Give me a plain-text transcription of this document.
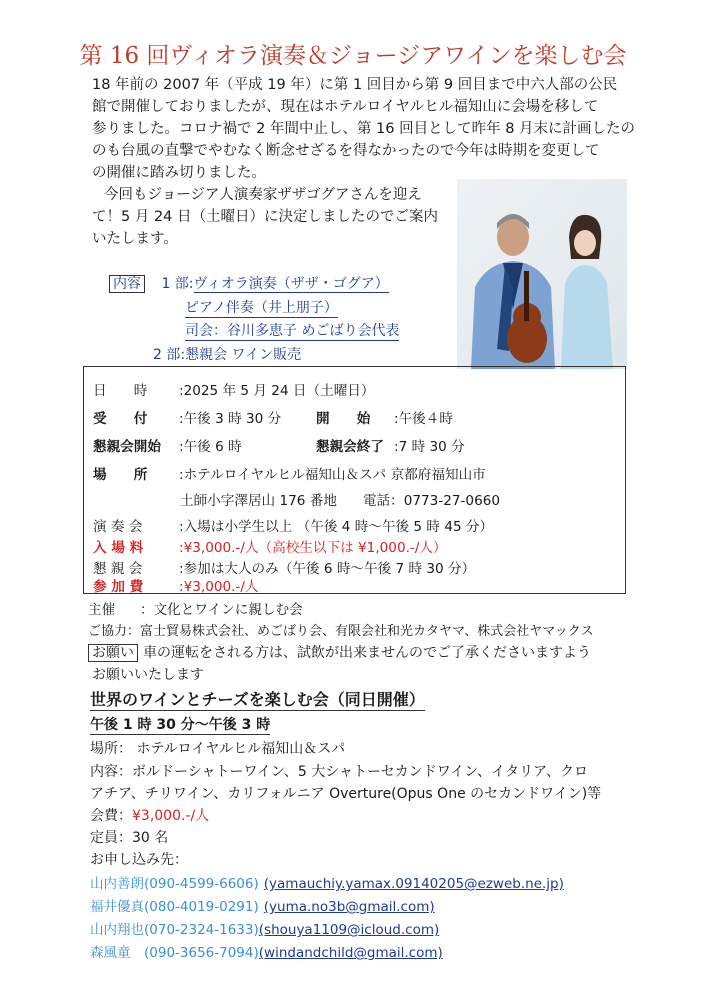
第 16 回ヴィオラ演奏＆ジョージアワインを楽しむ会
18 年前の 2007 年（平成 19 年）に第 1 回目から第 9 回目まで中六人部の公民
館で開催しておりましたが、現在はホテルロイヤルヒル福知山に会場を移して
参りました。コロナ禍で 2 年間中止し、第 16 回目として昨年 8 月末に計画したの
のも台風の直撃でやむなく断念せざるを得なかったので今年は時期を変更して
の開催に踏み切りました。
今回もジョージア人演奏家ザザゴグアさんを迎え
て！5 月 24 日（土曜日）に決定しましたのでご案内
いたします。
内容 1 部:ヴィオラ演奏（ザザ・ゴグア）
ピアノ伴奏（井上朋子）
司会：谷川多恵子 めごばり会代表
2 部:懇親会 ワイン販売
日　　時 :2025 年 5 月 24 日（土曜日）
受　　付 :午後 3 時 30 分	開　　始 :午後４時
懇親会開始 :午後 6 時	懇親会終了 :7 時 30 分
場　　所 :ホテルロイヤルヒル福知山＆スパ 京都府福知山市
土師小字澤居山 176 番地 電話：0773-27-0660
演 奏 会	:入場は小学生以上 （午後 4 時〜午後 5 時 45 分）
入 場 料	:¥3,000.-/人（高校生以下は ¥1,000.-/人）
懇 親 会	:参加は大人のみ（午後 6 時〜午後 7 時 30 分）
参 加 費	:¥3,000.-/人
主催 ：文化とワインに親しむ会
ご協力：富士貿易株式会社、めごばり会、有限会社和光カタヤマ、株式会社ヤマックス
お願い 車の運転をされる方は、試飲が出来ませんのでご了承くださいますよう
お願いいたします
世界のワインとチーズを楽しむ会（同日開催）
午後 1 時 30 分〜午後 3 時
場所： ホテルロイヤルヒル福知山＆スパ
内容：ボルドーシャトーワイン、5 大シャトーセカンドワイン、イタリア、クロ
アチア、チリワイン、カリフォルニア Overture(Opus One のセカンドワイン)等
会費：¥3,000.-/人
定員：30 名
お申し込み先：
山内善朗(090-4599-6606) (yamauchiy.yamax.09140205@ezweb.ne.jp)
福井優真(080-4019-0291) (yuma.no3b@gmail.com)
山内翔也(070-2324-1633)(shouya1109@icloud.com)
森風童　(090-3656-7094)(windandchild@gmail.com)
